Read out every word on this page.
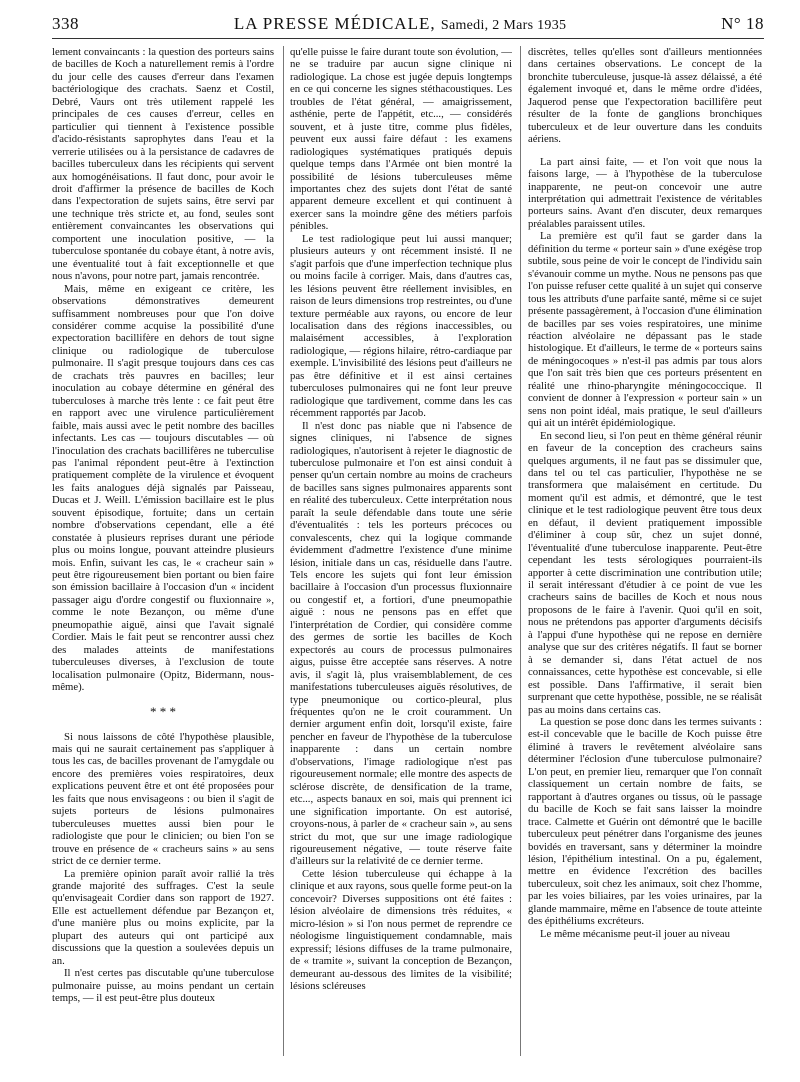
338	LA PRESSE MÉDICALE, Samedi, 2 Mars 1935	N° 18

lement convaincants : la question des porteurs sains de bacilles de Koch a naturellement remis à l'ordre du jour celle des causes d'erreur dans l'examen bactériologique des crachats. Saenz et Costil, Debré, Vaurs ont très utilement rappelé les principales de ces causes d'erreur, celles en particulier qui tiennent à l'existence possible d'acido-résistants saprophytes dans l'eau et la verrerie utilisées ou à la persistance de cadavres de bacilles tuberculeux dans les récipients qui servent aux homogénéisations. Il faut donc, pour avoir le droit d'affirmer la présence de bacilles de Koch dans l'expectoration de sujets sains, être servi par une technique très stricte et, au fond, seules sont entièrement convaincantes les observations qui comportent une inoculation positive, — la tuberculose spontanée du cobaye étant, à notre avis, une éventualité tout à fait exceptionnelle et que nous n'avons, pour notre part, jamais rencontrée.

Mais, même en exigeant ce critère, les observations démonstratives demeurent suffisamment nombreuses pour que l'on doive considérer comme acquise la possibilité d'une expectoration bacillifère en dehors de tout signe clinique ou radiologique de tuberculose pulmonaire. Il s'agit presque toujours dans ces cas de crachats très pauvres en bacilles; leur inoculation au cobaye détermine en général des tuberculoses à marche très lente : ce fait peut être en rapport avec une virulence particulièrement faible, mais aussi avec le petit nombre des bacilles infectants. Les cas — toujours discutables — où l'inoculation des crachats bacillifères ne tuberculise pas l'animal répondent peut-être à l'extinction pratiquement complète de la virulence et évoquent les faits analogues déjà signalés par Paisseau, Ducas et J. Weill. L'émission bacillaire est le plus souvent épisodique, fortuite; dans un certain nombre d'observations cependant, elle a été constatée à plusieurs reprises durant une période plus ou moins longue, pouvant atteindre plusieurs mois. Enfin, suivant les cas, le « cracheur sain » peut être rigoureusement bien portant ou bien faire son émission bacillaire à l'occasion d'un « incident passager aigu d'ordre congestif ou fluxionnaire », comme le note Bezançon, ou même d'une pneumopathie aiguë, ainsi que l'avait signalé Cordier. Mais le fait peut se rencontrer aussi chez des malades atteints de manifestations tuberculeuses diverses, à l'exclusion de toute localisation pulmonaire (Opitz, Bidermann, nous-même).

* * *

Si nous laissons de côté l'hypothèse plausible, mais qui ne saurait certainement pas s'appliquer à tous les cas, de bacilles provenant de l'amygdale ou encore des premières voies respiratoires, deux explications peuvent être et ont été proposées pour les faits que nous envisageons : ou bien il s'agit de sujets porteurs de lésions pulmonaires tuberculeuses muettes aussi bien pour le radiologiste que pour le clinicien; ou bien l'on se trouve en présence de « cracheurs sains » au sens strict de ce dernier terme.

La première opinion paraît avoir rallié la très grande majorité des suffrages. C'est la seule qu'envisageait Cordier dans son rapport de 1927. Elle est actuellement défendue par Bezançon et, d'une manière plus ou moins explicite, par la plupart des auteurs qui ont participé aux discussions que la question a soulevées depuis un an.

Il n'est certes pas discutable qu'une tuberculose pulmonaire puisse, au moins pendant un certain temps, — il est peut-être plus douteux

qu'elle puisse le faire durant toute son évolution, — ne se traduire par aucun signe clinique ni radiologique. La chose est jugée depuis longtemps en ce qui concerne les signes stéthacoustiques. Les troubles de l'état général, — amaigrissement, asthénie, perte de l'appétit, etc..., — considérés souvent, et à juste titre, comme plus fidèles, peuvent eux aussi faire défaut : les examens radiologiques systématiques pratiqués depuis quelque temps dans l'Armée ont bien montré la possibilité de lésions tuberculeuses même importantes chez des sujets dont l'état de santé apparent demeure excellent et qui continuent à exercer sans la moindre gêne des métiers parfois pénibles.

Le test radiologique peut lui aussi manquer; plusieurs auteurs y ont récemment insisté. Il ne s'agit parfois que d'une imperfection technique plus ou moins facile à corriger. Mais, dans d'autres cas, les lésions peuvent être réellement invisibles, en raison de leurs dimensions trop restreintes, ou d'une texture perméable aux rayons, ou encore de leur localisation dans des régions inaccessibles, ou malaisément accessibles, à l'exploration radiologique, — régions hilaire, rétro-cardiaque par exemple. L'invisibilité des lésions peut d'ailleurs ne pas être définitive et il est ainsi certaines tuberculoses pulmonaires qui ne font leur preuve radiologique que tardivement, comme dans les cas récemment rapportés par Jacob.

Il n'est donc pas niable que ni l'absence de signes cliniques, ni l'absence de signes radiologiques, n'autorisent à rejeter le diagnostic de tuberculose pulmonaire et l'on est ainsi conduit à penser qu'un certain nombre au moins de cracheurs de bacilles sans signes pulmonaires apparents sont en réalité des tuberculeux. Cette interprétation nous paraît la seule défendable dans toute une série d'éventualités : tels les porteurs précoces ou convalescents, chez qui la logique commande évidemment d'admettre l'existence d'une minime lésion, initiale dans un cas, résiduelle dans l'autre. Tels encore les sujets qui font leur émission bacillaire à l'occasion d'un processus fluxionnaire ou congestif et, a fortiori, d'une pneumopathie aiguë : nous ne pensons pas en effet que l'interprétation de Cordier, qui considère comme des germes de sortie les bacilles de Koch expectorés au cours de processus pulmonaires aigus, puisse être acceptée sans réserves. A notre avis, il s'agit là, plus vraisemblablement, de ces manifestations tuberculeuses aiguës résolutives, de type pneumonique ou cortico-pleural, plus fréquentes qu'on ne le croit couramment. Un dernier argument enfin doit, lorsqu'il existe, faire pencher en faveur de l'hypothèse de la tuberculose inapparente : dans un certain nombre d'observations, l'image radiologique n'est pas rigoureusement normale; elle montre des aspects de sclérose discrète, de densification de la trame, etc..., aspects banaux en soi, mais qui prennent ici une signification importante. On est autorisé, croyons-nous, à parler de « cracheur sain », au sens strict du mot, que sur une image radiologique rigoureusement négative, — toute réserve faite d'ailleurs sur la relativité de ce dernier terme.

Cette lésion tuberculeuse qui échappe à la clinique et aux rayons, sous quelle forme peut-on la concevoir? Diverses suppositions ont été faites : lésion alvéolaire de dimensions très réduites, « micro-lésion » si l'on nous permet de reprendre ce néologisme linguistiquement condamnable, mais expressif; lésions diffuses de la trame pulmonaire, de « tramite », suivant la conception de Bezançon, demeurant au-dessous des limites de la visibilité; lésions scléreuses

discrètes, telles qu'elles sont d'ailleurs mentionnées dans certaines observations. Le concept de la bronchite tuberculeuse, jusque-là assez délaissé, a été également invoqué et, dans le même ordre d'idées, Jaquerod pense que l'expectoration bacillifère peut résulter de la fonte de ganglions bronchiques tuberculeux et de leur ouverture dans les conduits aériens.

La part ainsi faite, — et l'on voit que nous la faisons large, — à l'hypothèse de la tuberculose inapparente, ne peut-on concevoir une autre interprétation qui admettrait l'existence de véritables porteurs sains. Avant d'en discuter, deux remarques préalables paraissent utiles.

La première est qu'il faut se garder dans la définition du terme « porteur sain » d'une exégèse trop subtile, sous peine de voir le concept de l'individu sain s'évanouir comme un mythe. Nous ne pensons pas que l'on puisse refuser cette qualité à un sujet qui conserve tous les attributs d'une parfaite santé, même si ce sujet présente passagèrement, à l'occasion d'une élimination de bacilles par ses voies respiratoires, une minime réaction alvéolaire ne dépassant pas le stade histologique. Et d'ailleurs, le terme de « porteurs sains de méningocoques » n'est-il pas admis par tous alors que l'on sait très bien que ces porteurs présentent en réalité une rhino-pharyngite méningococcique. Il convient de donner à l'expression « porteur sain » un sens non point idéal, mais pratique, le seul d'ailleurs qui ait un intérêt épidémiologique.

En second lieu, si l'on peut en thème général réunir en faveur de la conception des cracheurs sains quelques arguments, il ne faut pas se dissimuler que, dans tel ou tel cas particulier, l'hypothèse ne se transformera que malaisément en certitude. Du moment qu'il est admis, et démontré, que le test clinique et le test radiologique peuvent être tous deux en défaut, il devient pratiquement impossible d'éliminer à coup sûr, chez un sujet donné, l'éventualité d'une tuberculose inapparente. Peut-être cependant les tests sérologiques pourraient-ils apporter à cette discrimination une contribution utile; il serait intéressant d'étudier à ce point de vue les cracheurs sains de bacilles de Koch et nous nous proposons de le faire à l'avenir. Quoi qu'il en soit, nous ne prétendons pas apporter d'arguments décisifs à l'appui d'une hypothèse qui ne repose en dernière analyse que sur des critères négatifs. Il faut se borner à se demander si, dans l'état actuel de nos connaissances, cette hypothèse est concevable, si elle est possible. Dans l'affirmative, il serait bien surprenant que cette hypothèse, possible, ne se réalisât pas au moins dans certains cas.

La question se pose donc dans les termes suivants : est-il concevable que le bacille de Koch puisse être éliminé à travers le revêtement alvéolaire sans déterminer l'éclosion d'une tuberculose pulmonaire? L'on peut, en premier lieu, remarquer que l'on connaît classiquement un certain nombre de faits, se rapportant à d'autres organes ou tissus, où le passage du bacille de Koch se fait sans laisser la moindre trace. Calmette et Guérin ont démontré que le bacille tuberculeux peut pénétrer dans l'organisme des jeunes bovidés en traversant, sans y déterminer la moindre lésion, l'épithélium intestinal. On a pu, également, mettre en évidence l'excrétion des bacilles tuberculeux, soit chez les animaux, soit chez l'homme, par les voies biliaires, par les voies urinaires, par la glande mammaire, même en l'absence de toute atteinte des épithéliums excréteurs.

Le même mécanisme peut-il jouer au niveau
